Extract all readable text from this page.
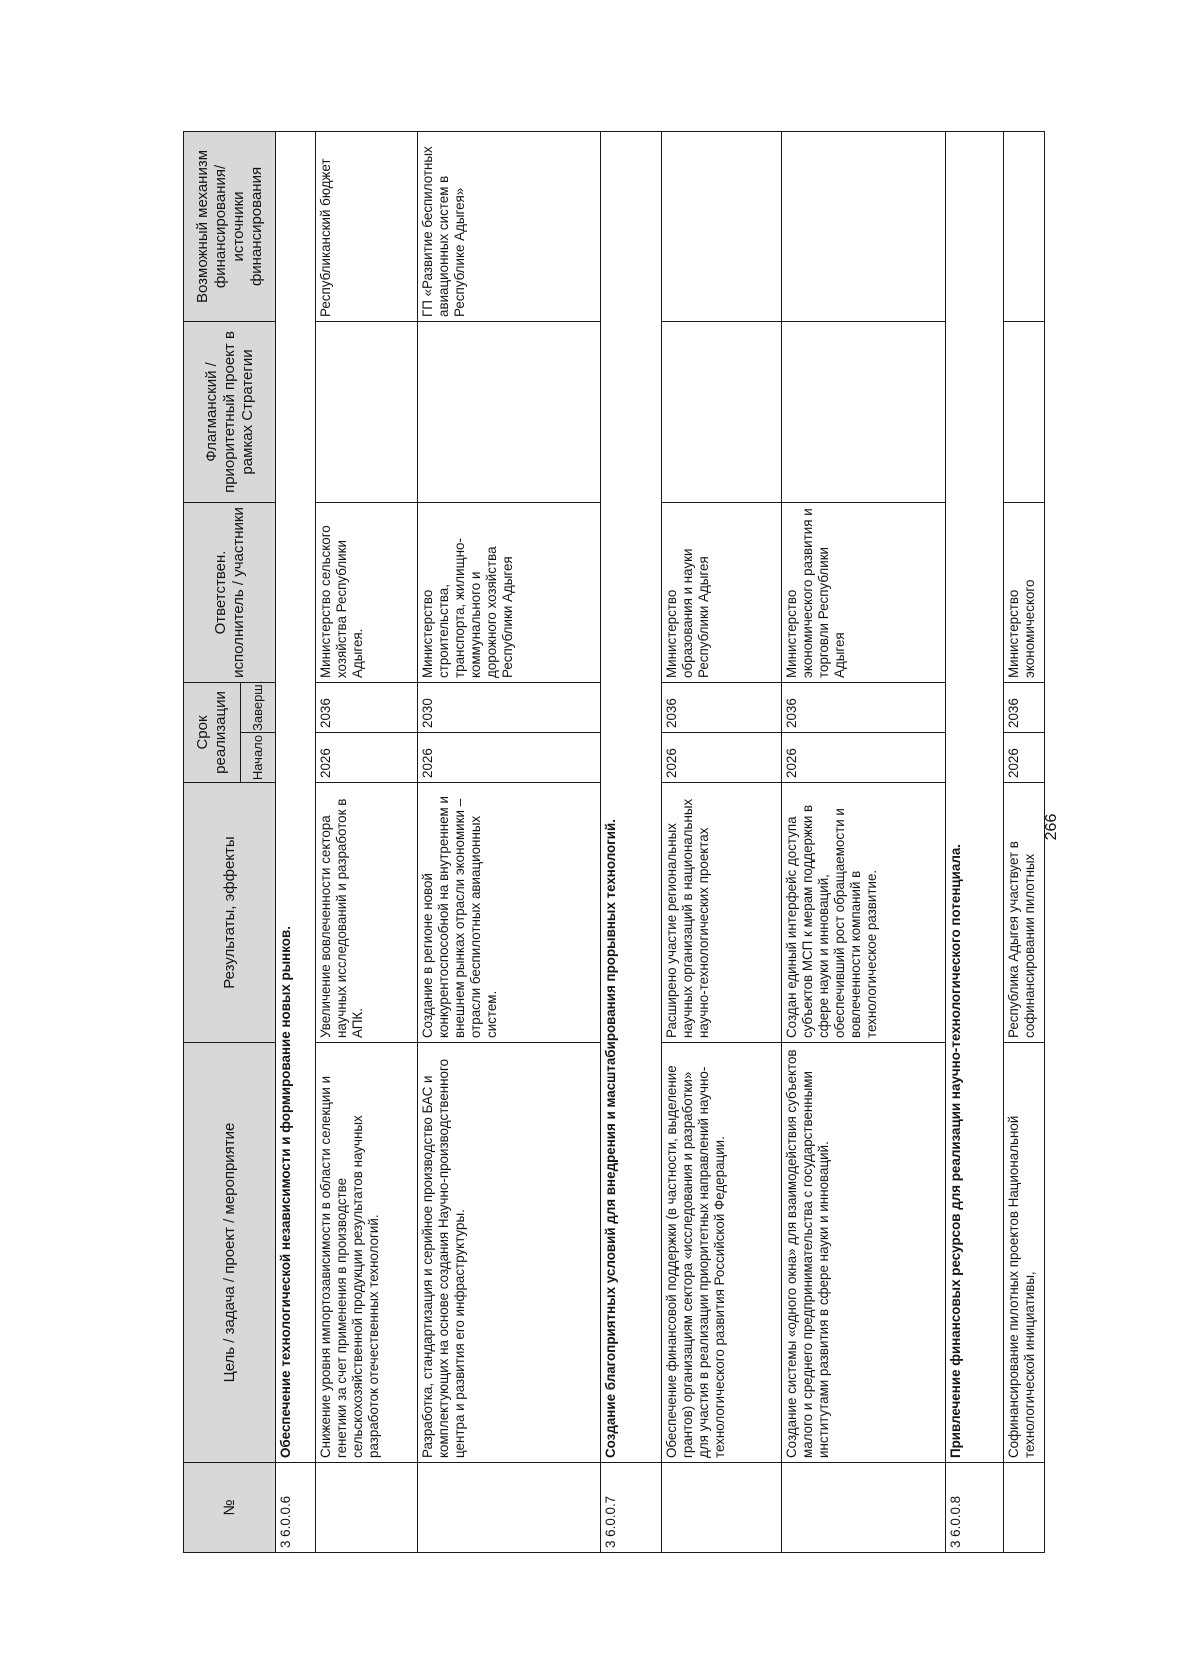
266
№	Цель / задача / проект / мероприятие	Результаты, эффекты	Срок реализации		Ответствен. исполнитель / участники	Флагманский / приоритетный проект в рамках Стратегии	Возможный механизм финансирования/ источники финансирования
			Начало	Заверш.			
3 6.0.0.6	Обеспечение технологической независимости и формирование новых рынков.						
	Снижение уровня импортозависимости в области селекции и генетики за счет применения в производстве сельскохозяйственной продукции результатов научных разработок отечественных технологий.	Увеличение вовлеченности сектора научных исследований и разработок в АПК.	2026	2036	Министерство сельского хозяйства Республики Адыгея.		Республиканский бюджет
	Разработка, стандартизация и серийное производство БАС и комплектующих на основе создания Научно-производственного центра и развития его инфраструктуры.	Создание в регионе новой конкурентоспособной на внутреннем и внешнем рынках отрасли экономики – отрасли беспилотных авиационных систем.	2026	2030	Министерство строительства, транспорта, жилищно-коммунального и дорожного хозяйства Республики Адыгея		ГП «Развитие беспилотных авиационных систем в Республике Адыгея»
3 6.0.0.7	Создание благоприятных условий для внедрения и масштабирования прорывных технологий.						
	Обеспечение финансовой поддержки (в частности, выделение грантов) организациям сектора «исследования и разработки» для участия в реализации приоритетных направлений научно-технологического развития Российской Федерации.	Расширено участие региональных научных организаций в национальных научно-технологических проектах	2026	2036	Министерство образования и науки Республики Адыгея		
	Создание системы «одного окна» для взаимодействия субъектов малого и среднего предпринимательства с государственными институтами развития в сфере науки и инноваций.	Создан единый интерфейс доступа субъектов МСП к мерам поддержки в сфере науки и инноваций, обеспечивший рост обращаемости и вовлеченности компаний в технологическое развитие.	2026	2036	Министерство экономического развития и торговли Республики Адыгея		
3 6.0.0.8	Привлечение финансовых ресурсов для реализации научно-технологического потенциала.						
	Софинансирование пилотных проектов Национальной технологической инициативы,	Республика Адыгея участвует в софинансировании пилотных	2026	2036	Министерство экономического		
